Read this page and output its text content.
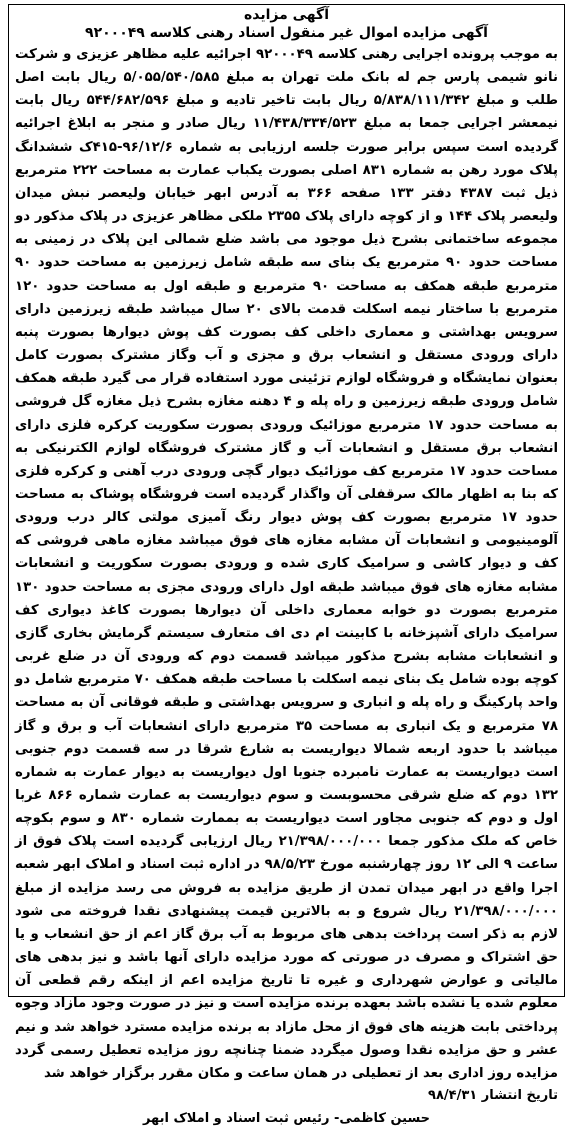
آگهی مزایده
آگهی مزایده اموال غیر منقول اسناد رهنی کلاسه ۹۲۰۰۰۴۹

به موجب پرونده اجرایی رهنی کلاسه ۹۲۰۰۰۴۹ اجرائیه علیه مظاهر عزیزی و شرکت نانو شیمی پارس جم له بانک ملت تهران به مبلغ ۵/۰۵۵/۵۴۰/۵۸۵ ریال بابت اصل طلب و مبلغ ۵/۸۳۸/۱۱۱/۳۴۲ ریال بابت تاخیر تادیه و مبلغ ۵۴۴/۶۸۲/۵۹۶ ریال بابت نیمعشر اجرایی جمعا به مبلغ ۱۱/۴۳۸/۳۳۴/۵۲۳ ریال صادر و منجر به ابلاغ اجرائیه گردیده است سپس برابر صورت جلسه ارزیابی به شماره ۹۶/۱۲/۶-۴۱۵ک ششدانگ پلاک مورد رهن به شماره ۸۳۱ اصلی بصورت یکباب عمارت به مساحت ۲۲۲ مترمربع ذیل ثبت ۴۳۸۷ دفتر ۱۳۳ صفحه ۳۶۶ به آدرس ابهر خیابان ولیعصر نبش میدان ولیعصر پلاک ۱۴۴ و از کوچه دارای پلاک ۲۳۵۵ ملکی مظاهر عزیزی در پلاک مذکور دو مجموعه ساختمانی بشرح ذیل موجود می باشد ضلع شمالی این پلاک در زمینی به مساحت حدود ۹۰ مترمربع یک بنای سه طبقه شامل زیرزمین به مساحت حدود ۹۰ مترمربع طبقه همکف به مساحت ۹۰ مترمربع و طبقه اول به مساحت حدود ۱۲۰ مترمربع با ساختار نیمه اسکلت قدمت بالای ۲۰ سال میباشد طبقه زیرزمین دارای سرویس بهداشتی و معماری داخلی کف بصورت کف پوش دیوارها بصورت پنبه دارای ورودی مستقل و انشعاب برق و مجزی و آب وگاز مشترک بصورت کامل بعنوان نمایشگاه و فروشگاه لوازم تزئینی مورد استفاده قرار می گیرد طبقه همکف شامل ورودی طبقه زیرزمین و راه پله و ۴ دهنه مغازه بشرح ذیل مغازه گل فروشی به مساحت حدود ۱۷ مترمربع موزائیک ورودی بصورت سکوریت کرکره فلزی دارای انشعاب برق مستقل و انشعابات آب و گاز مشترک فروشگاه لوازم الکترنیکی به مساحت حدود ۱۷ مترمربع کف موزائیک دیوار گچی ورودی درب آهنی و کرکره فلزی که بنا به اظهار مالک سرقفلی آن واگذار گردیده است فروشگاه پوشاک به مساحت حدود ۱۷ مترمربع بصورت کف پوش دیوار رنگ آمیزی مولتی کالر درب ورودی آلومینیومی و انشعابات آن مشابه مغازه های فوق میباشد مغازه ماهی فروشی که کف و دیوار کاشی و سرامیک کاری شده و ورودی بصورت سکوریت و انشعابات مشابه مغازه های فوق میباشد طبقه اول دارای ورودی مجزی به مساحت حدود ۱۳۰ مترمربع بصورت دو خوابه معماری داخلی آن دیوارها بصورت کاغذ دیواری کف سرامیک دارای آشپزخانه با کابینت ام دی اف متعارف سیستم گرمایش بخاری گازی و انشعابات مشابه بشرح مذکور میباشد قسمت دوم که ورودی آن در ضلع غربی کوچه بوده شامل یک بنای نیمه اسکلت با مساحت طبقه همکف ۷۰ مترمربع شامل دو واحد پارکینگ و راه پله و انباری و سرویس بهداشتی و طبقه فوقانی آن به مساحت ۷۸ مترمربع و یک انباری به مساحت ۳۵ مترمربع دارای انشعابات آب و برق و گاز میباشد با حدود اربعه شمالا دیواریست به شارع شرقا در سه قسمت دوم جنوبی است دیواریست به عمارت نامبرده جنوبا اول دیواریست به دیوار عمارت به شماره ۱۳۲ دوم که ضلع شرقی محسوبست و سوم دیواریست به عمارت شماره ۸۶۶ غربا اول و دوم که جنوبی مجاور است دیواریست به بممارت شماره ۸۳۰ و سوم بکوچه خاص که ملک مذکور جمعا ۲۱/۳۹۸/۰۰۰/۰۰۰ ریال ارزیابی گردیده است پلاک فوق از ساعت ۹ الی ۱۲ روز چهارشنبه مورخ ۹۸/۵/۲۳ در اداره ثبت اسناد و املاک ابهر شعبه اجرا واقع در ابهر میدان تمدن از طریق مزایده به فروش می رسد مزایده از مبلغ ۲۱/۳۹۸/۰۰۰/۰۰۰ ریال شروع و به بالاترین قیمت پیشنهادی نقدا فروخته می شود لازم به ذکر است پرداخت بدهی های مربوط به آب برق گاز اعم از حق انشعاب و یا حق اشتراک و مصرف در صورتی که مورد مزایده دارای آنها باشد و نیز بدهی های مالیاتی و عوارض شهرداری و غیره تا تاریخ مزایده اعم از اینکه رقم قطعی آن معلوم شده یا نشده باشد بعهده برنده مزایده است و نیز در صورت وجود مازاد وجوه پرداختی بابت هزینه های فوق از محل مازاد به برنده مزایده مسترد خواهد شد و نیم عشر و حق مزایده نقدا وصول میگردد ضمنا چنانچه روز مزایده تعطیل رسمی گردد مزایده روز اداری بعد از تعطیلی در همان ساعت و مکان مقرر برگزار خواهد شد

تاریخ انتشار ۹۸/۴/۳۱
حسین کاظمی- رئیس ثبت اسناد و املاک ابهر
